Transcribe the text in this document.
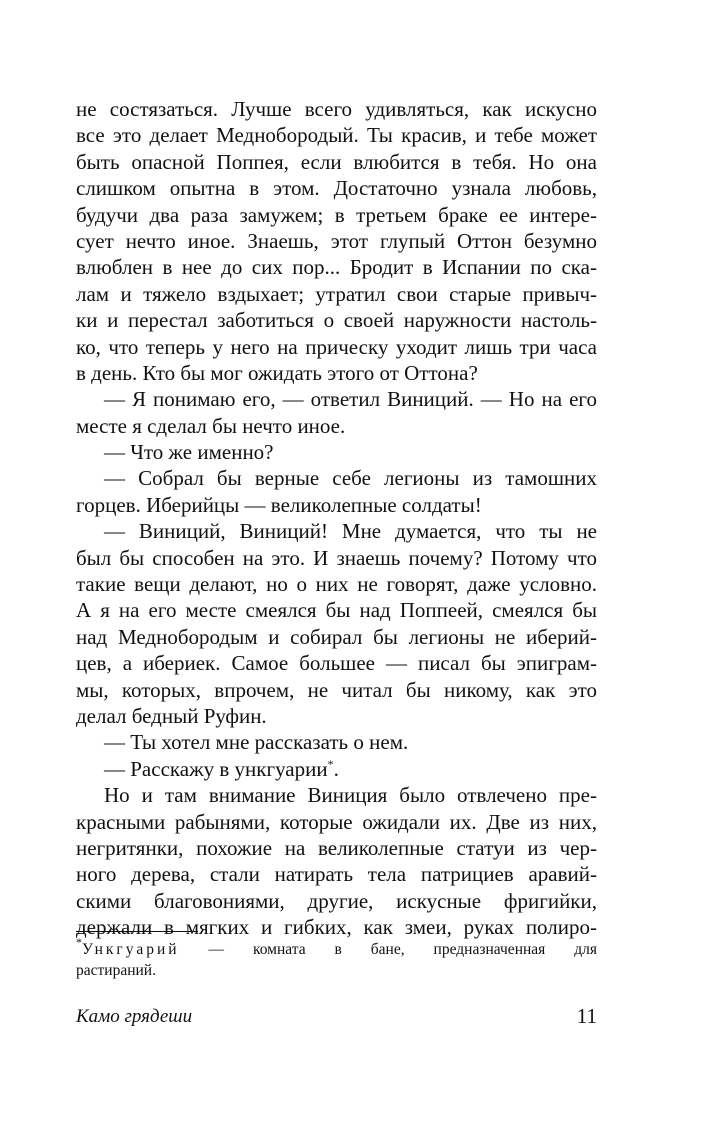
не состязаться. Лучше всего удивляться, как искусно
все это делает Меднобородый. Ты красив, и тебе может
быть опасной Поппея, если влюбится в тебя. Но она
слишком опытна в этом. Достаточно узнала любовь,
будучи два раза замужем; в третьем браке ее интере-
сует нечто иное. Знаешь, этот глупый Оттон безумно
влюблен в нее до сих пор... Бродит в Испании по ска-
лам и тяжело вздыхает; утратил свои старые привыч-
ки и перестал заботиться о своей наружности настоль-
ко, что теперь у него на прическу уходит лишь три часа
в день. Кто бы мог ожидать этого от Оттона?
— Я понимаю его, — ответил Виниций. — Но на его
месте я сделал бы нечто иное.
— Что же именно?
— Собрал бы верные себе легионы из тамошних
горцев. Иберийцы — великолепные солдаты!
— Виниций, Виниций! Мне думается, что ты не
был бы способен на это. И знаешь почему? Потому что
такие вещи делают, но о них не говорят, даже условно.
А я на его месте смеялся бы над Поппеей, смеялся бы
над Меднобородым и собирал бы легионы не иберий-
цев, а ибериек. Самое большее — писал бы эпиграм-
мы, которых, впрочем, не читал бы никому, как это
делал бедный Руфин.
— Ты хотел мне рассказать о нем.
— Расскажу в ункгуарии*.
Но и там внимание Виниция было отвлечено пре-
красными рабынями, которые ожидали их. Две из них,
негритянки, похожие на великолепные статуи из чер-
ного дерева, стали натирать тела патрициев аравий-
скими благовониями, другие, искусные фригийки,
держали в мягких и гибких, как змеи, руках полиро-
*Ункгуарий — комната в бане, предназначенная для
растираний.
Камо грядеши	11
